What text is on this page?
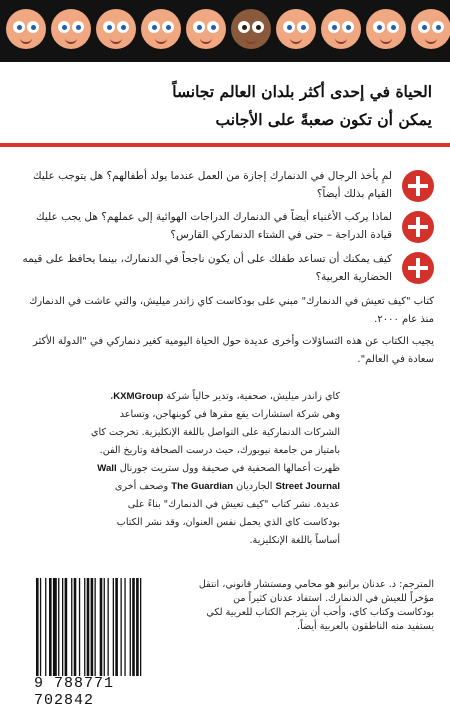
الحياة في إحدى أكثر بلدان العالم تجانساً
يمكن أن تكون صعبةً على الأجانب
لمِ يأخذ الرجال في الدنمارك إجازة من العمل عندما يولد أطفالهم؟ هل يتوجب عليك القيام بذلك أيضاً؟
لماذا يركب الأغنياء أيضاً في الدنمارك الدراجات الهوائية إلى عملهم؟ هل يجب عليك قيادة الدراجة – حتى في الشتاء الدنماركي القارس؟
كيف يمكنك أن تساعد طفلك على أن يكون ناجحاً في الدنمارك، بينما يحافظ على قيمه الحضارية العربية؟
كتاب "كيف تعيش في الدنمارك" مبني على بودكاست كاي زاندر ميليش، والتي عاشت في الدنمارك منذ عام ٢٠٠٠.
يجيب الكتاب عن هذه التساؤلات وأخرى عديدة حول الحياة اليومية كغير دنماركي في "الدولة الأكثر سعادة في العالم".
كاي زاندر ميليش، صحفية، وتدير حالياً شركة KXMGroup، وهي شركة استشارات يقع مقرها في كوبنهاجن، وتساعد الشركات الدنماركية على التواصل باللغة الإنكليزية. تخرجت كاي بامتياز من جامعة نيويورك، حيث درست الصحافة وتاريخ الفن. ظهرت أعمالها الصحفية في صحيفة وول ستريت جورنال Wall Street Journal الجارديان The Guardian وصحف أخرى عديدة. نشر كتاب "كيف تعيش في الدنمارك" بناءً على بودكاست كاي الذي يحمل نفس العنوان، وقد نشر الكتاب أساساً باللغة الإنكليزية.
9 788771 702842
المترجم: د. عدنان برانبو هو محامي ومستشار قانوني، انتقل مؤخراً للعيش في الدنمارك. استفاد عدنان كثيراً من بودكاست وكتاب كاي، وأحب أن يترجم الكتاب للعربية لكي يستفيد منه الناطقون بالعربية أيضاً.
